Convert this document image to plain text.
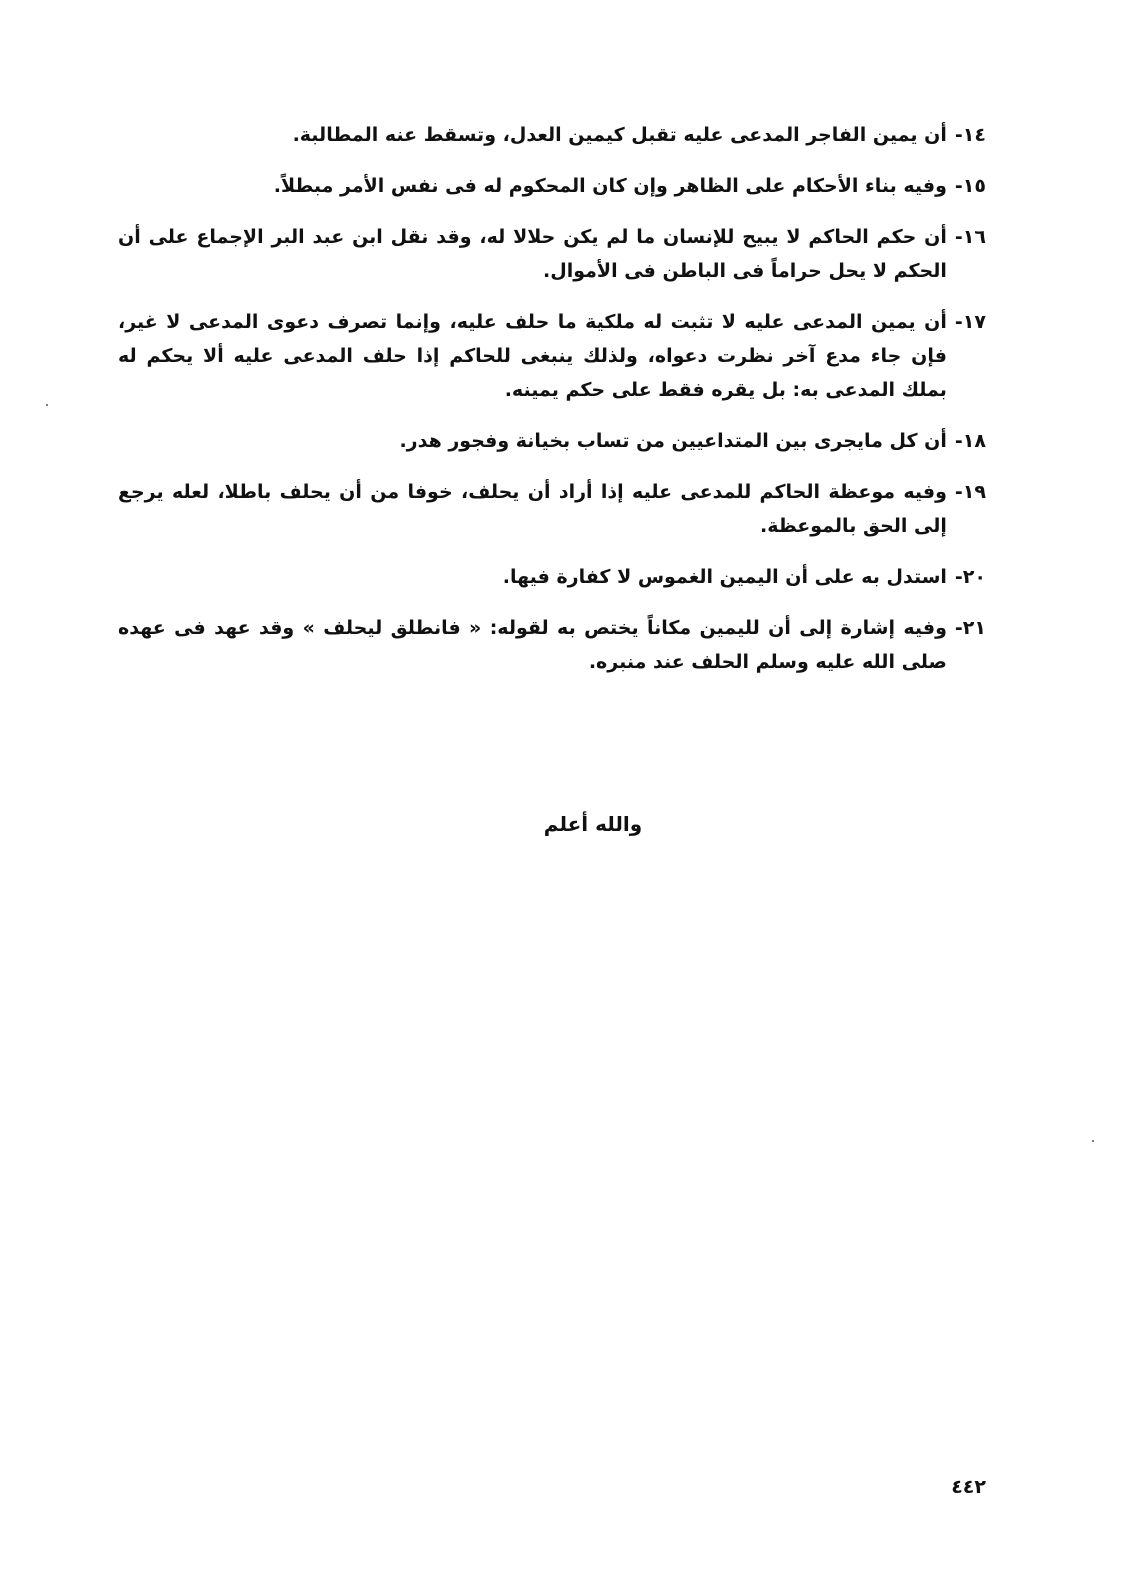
١٤-
أن يمين الفاجر المدعى عليه تقبل كيمين العدل، وتسقط عنه المطالبة.
١٥-
وفيه بناء الأحكام على الظاهر وإن كان المحكوم له فى نفس الأمر مبطلاً.
١٦-
أن حكم الحاكم لا يبيح للإنسان ما لم يكن حلالا له، وقد نقل ابن عبد البر الإجماع على أن الحكم لا يحل حراماً فى الباطن فى الأموال.
١٧-
أن يمين المدعى عليه لا تثبت له ملكية ما حلف عليه، وإنما تصرف دعوى المدعى لا غير، فإن جاء مدع آخر نظرت دعواه، ولذلك ينبغى للحاكم إذا حلف المدعى عليه ألا يحكم له بملك المدعى به: بل يقره فقط على حكم يمينه.
١٨-
أن كل مايجرى بين المتداعيين من تساب بخيانة وفجور هدر.
١٩-
وفيه موعظة الحاكم للمدعى عليه إذا أراد أن يحلف، خوفا من أن يحلف باطلا، لعله يرجع إلى الحق بالموعظة.
٢٠-
استدل به على أن اليمين الغموس لا كفارة فيها.
٢١-
وفيه إشارة إلى أن لليمين مكاناً يختص به لقوله: « فانطلق ليحلف » وقد عهد فى عهده صلى الله عليه وسلم الحلف عند منبره.
والله أعلم
٤٤٢
